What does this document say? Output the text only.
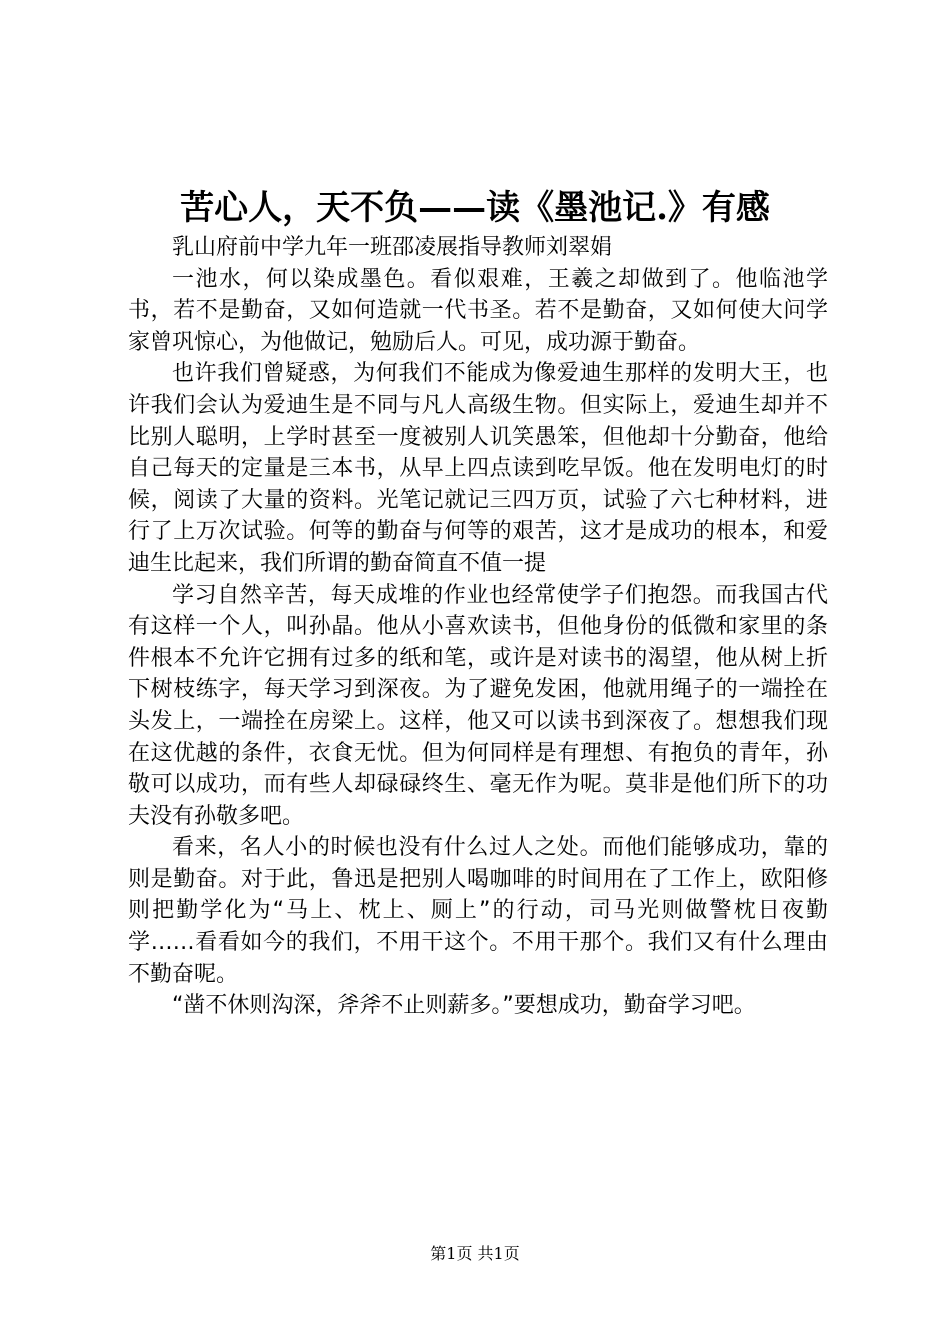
苦心人，天不负——读《墨池记.》有感

乳山府前中学九年一班邵凌展指导教师刘翠娟

一池水，何以染成墨色。看似艰难，王羲之却做到了。他临池学书，若不是勤奋，又如何造就一代书圣。若不是勤奋，又如何使大问学家曾巩惊心，为他做记，勉励后人。可见，成功源于勤奋。

也许我们曾疑惑，为何我们不能成为像爱迪生那样的发明大王，也许我们会认为爱迪生是不同与凡人高级生物。但实际上，爱迪生却并不比别人聪明，上学时甚至一度被别人讥笑愚笨，但他却十分勤奋，他给自己每天的定量是三本书，从早上四点读到吃早饭。他在发明电灯的时候，阅读了大量的资料。光笔记就记三四万页，试验了六七种材料，进行了上万次试验。何等的勤奋与何等的艰苦，这才是成功的根本，和爱迪生比起来，我们所谓的勤奋简直不值一提

学习自然辛苦，每天成堆的作业也经常使学子们抱怨。而我国古代有这样一个人，叫孙晶。他从小喜欢读书，但他身份的低微和家里的条件根本不允许它拥有过多的纸和笔，或许是对读书的渴望，他从树上折下树枝练字，每天学习到深夜。为了避免发困，他就用绳子的一端拴在头发上，一端拴在房梁上。这样，他又可以读书到深夜了。想想我们现在这优越的条件，衣食无忧。但为何同样是有理想、有抱负的青年，孙敬可以成功，而有些人却碌碌终生、毫无作为呢。莫非是他们所下的功夫没有孙敬多吧。

看来，名人小的时候也没有什么过人之处。而他们能够成功，靠的则是勤奋。对于此，鲁迅是把别人喝咖啡的时间用在了工作上，欧阳修则把勤学化为“马上、枕上、厕上”的行动，司马光则做警枕日夜勤学……看看如今的我们，不用干这个。不用干那个。我们又有什么理由不勤奋呢。

“凿不休则沟深，斧斧不止则薪多。”要想成功，勤奋学习吧。

第1页 共1页
